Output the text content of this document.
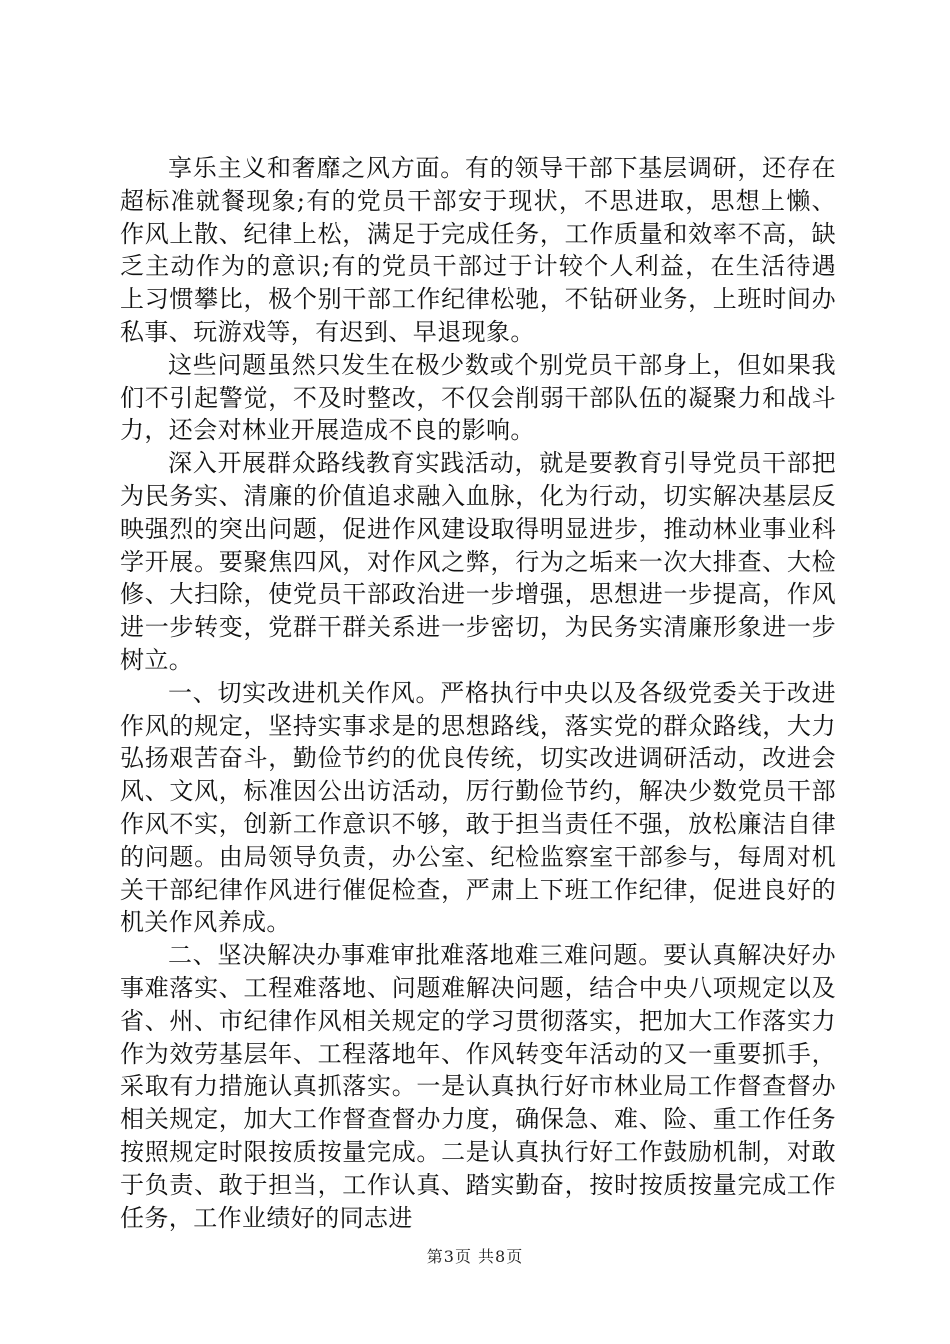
享乐主义和奢靡之风方面。有的领导干部下基层调研，还存在超标准就餐现象;有的党员干部安于现状，不思进取，思想上懒、作风上散、纪律上松，满足于完成任务，工作质量和效率不高，缺乏主动作为的意识;有的党员干部过于计较个人利益，在生活待遇上习惯攀比，极个别干部工作纪律松驰，不钻研业务，上班时间办私事、玩游戏等，有迟到、早退现象。

这些问题虽然只发生在极少数或个别党员干部身上，但如果我们不引起警觉，不及时整改，不仅会削弱干部队伍的凝聚力和战斗力，还会对林业开展造成不良的影响。

深入开展群众路线教育实践活动，就是要教育引导党员干部把为民务实、清廉的价值追求融入血脉，化为行动，切实解决基层反映强烈的突出问题，促进作风建设取得明显进步，推动林业事业科学开展。要聚焦四风，对作风之弊，行为之垢来一次大排查、大检修、大扫除，使党员干部政治进一步增强，思想进一步提高，作风进一步转变，党群干群关系进一步密切，为民务实清廉形象进一步树立。

一、切实改进机关作风。严格执行中央以及各级党委关于改进作风的规定，坚持实事求是的思想路线，落实党的群众路线，大力弘扬艰苦奋斗，勤俭节约的优良传统，切实改进调研活动，改进会风、文风，标准因公出访活动，厉行勤俭节约，解决少数党员干部作风不实，创新工作意识不够，敢于担当责任不强，放松廉洁自律的问题。由局领导负责，办公室、纪检监察室干部参与，每周对机关干部纪律作风进行催促检查，严肃上下班工作纪律，促进良好的机关作风养成。

二、坚决解决办事难审批难落地难三难问题。要认真解决好办事难落实、工程难落地、问题难解决问题，结合中央八项规定以及省、州、市纪律作风相关规定的学习贯彻落实，把加大工作落实力作为效劳基层年、工程落地年、作风转变年活动的又一重要抓手，采取有力措施认真抓落实。一是认真执行好市林业局工作督查督办相关规定，加大工作督查督办力度，确保急、难、险、重工作任务按照规定时限按质按量完成。二是认真执行好工作鼓励机制，对敢于负责、敢于担当，工作认真、踏实勤奋，按时按质按量完成工作任务，工作业绩好的同志进

第3页 共8页
